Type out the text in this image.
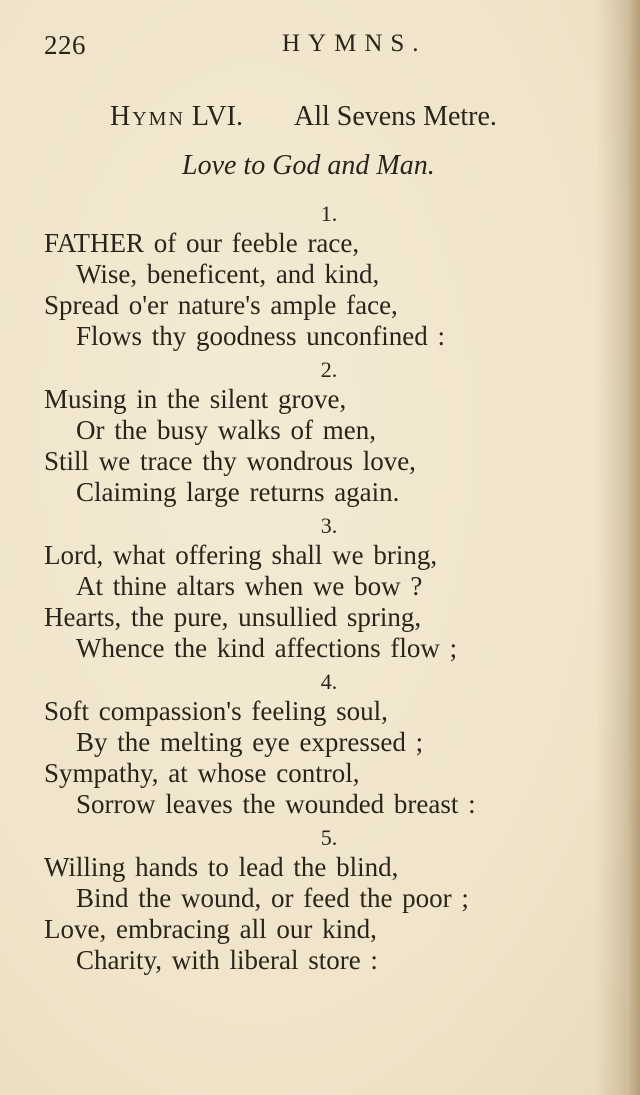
226	HYMNS.
Hymn LVI. All Sevens Metre.
Love to God and Man.
1.
FATHER of our feeble race,
Wise, beneficent, and kind,
Spread o'er nature's ample face,
Flows thy goodness unconfined :
2.
Musing in the silent grove,
Or the busy walks of men,
Still we trace thy wondrous love,
Claiming large returns again.
3.
Lord, what offering shall we bring,
At thine altars when we bow ?
Hearts, the pure, unsullied spring,
Whence the kind affections flow ;
4.
Soft compassion's feeling soul,
By the melting eye expressed ;
Sympathy, at whose control,
Sorrow leaves the wounded breast :
5.
Willing hands to lead the blind,
Bind the wound, or feed the poor ;
Love, embracing all our kind,
Charity, with liberal store :
